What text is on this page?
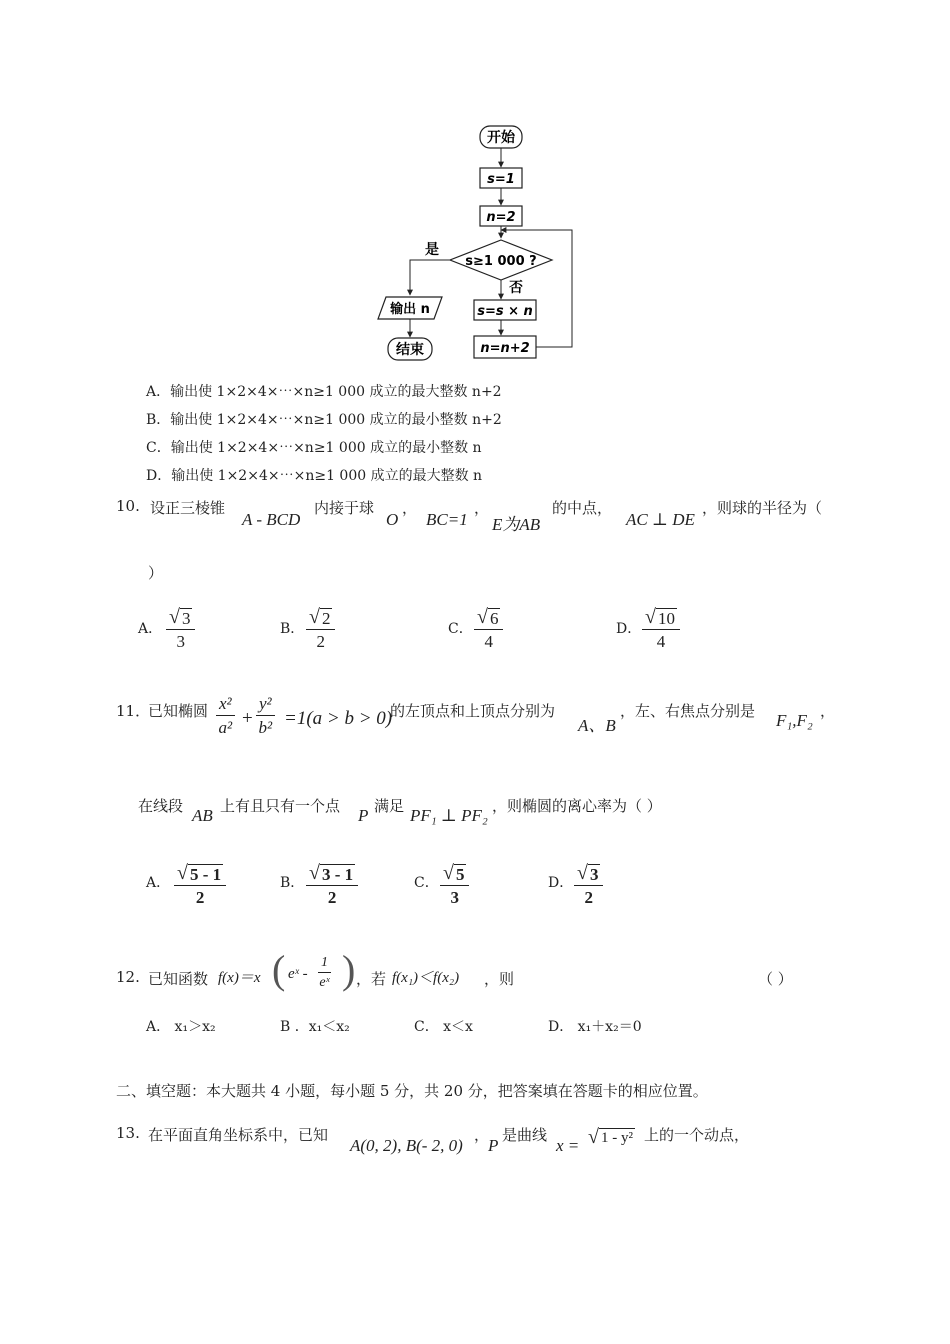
开始
s=1
n=2
s≥1 000 ?
是
输出 n
结束
否
s=s × n
n=n+2
A．输出使 1×2×4×⋯×n≥1 000 成立的最大整数 n+2
B．输出使 1×2×4×⋯×n≥1 000 成立的最小整数 n+2
C．输出使 1×2×4×⋯×n≥1 000 成立的最小整数 n
D．输出使 1×2×4×⋯×n≥1 000 成立的最大整数 n
10. 设正三棱锥
A - BCD
内接于球
O
，
BC=1
，
E为AB
的中点，
AC ⊥ DE
，则球的半径为（
）
A． $\frac{√ 3}{3}$	B． $\frac{√ 2}{2}$	C． $\frac{√ 6}{4}$	D． $\frac{√ 10}{4}$
11．
已知椭圆 $\frac{\text{x²}}{\text{a²}} + \frac{\text{y²}}{\text{b²}} =1(a > b > 0)$
的左顶点和上顶点分别为
A、B
，左、右焦点分别是 F₁,F₂ ，
在线段 AB 上有且只有一个点 P 满足 PF₁ ⊥ PF₂ ，则椭圆的离心率为（ ）
A． $\frac{√ 5 - 1}{2}$	B． $\frac{√ 3 - 1}{2}$	C． $\frac{√ 5}{3}$	D． $\frac{√ 3}{2}$
12. 已知函数 f(x)＝x ( eˣ - $\frac{1}{\text{eˣ}}$ ) ，若 f(x₁)＜f(x₂) ，则	（ ）
A． x₁＞x₂	B ．x₁＜x₂	C． x＜x	D． x₁＋x₂＝0
二、填空题：本大题共 4 小题，每小题 5 分，共 20 分，把答案填在答题卡的相应位置。
13. 在平面直角坐标系中，已知
A(0, 2), B(- 2, 0)
，
P
是曲线
x = √ 1 - y² 上的一个动点，
